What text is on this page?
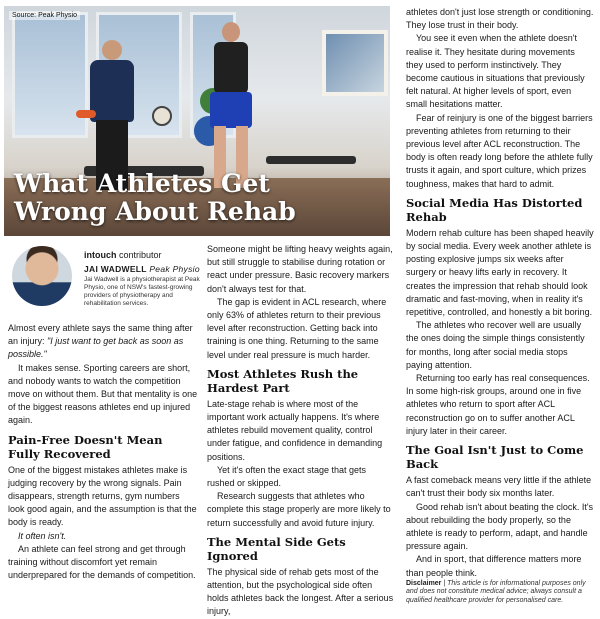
Source: Peak Physio
What Athletes Get
Wrong About Rehab
intouch contributor
JAI WADWELL Peak Physio
Jai Wadwell is a physiotherapist at Peak Physio, one of NSW's fastest-growing providers of physiotherapy and rehabilitation services.

Almost every athlete says the same thing after an injury: "I just want to get back as soon as possible."

It makes sense. Sporting careers are short, and nobody wants to watch the competition move on without them. But that mentality is one of the biggest reasons athletes end up injured again.

Pain-Free Doesn't Mean Fully Recovered

One of the biggest mistakes athletes make is judging recovery by the wrong signals. Pain disappears, strength returns, gym numbers look good again, and the assumption is that the body is ready.

It often isn't.

An athlete can feel strong and get through training without discomfort yet remain underprepared for the demands of competition.

Someone might be lifting heavy weights again, but still struggle to stabilise during rotation or react under pressure. Basic recovery markers don't always test for that.

The gap is evident in ACL research, where only 63% of athletes return to their previous level after reconstruction. Getting back into training is one thing. Returning to the same level under real pressure is much harder.

Most Athletes Rush the Hardest Part

Late-stage rehab is where most of the important work actually happens. It's where athletes rebuild movement quality, control under fatigue, and confidence in demanding positions.

Yet it's often the exact stage that gets rushed or skipped.

Research suggests that athletes who complete this stage properly are more likely to return successfully and avoid future injury.

The Mental Side Gets Ignored

The physical side of rehab gets most of the attention, but the psychological side often holds athletes back the longest. After a serious injury,

athletes don't just lose strength or conditioning. They lose trust in their body.

You see it even when the athlete doesn't realise it. They hesitate during movements they used to perform instinctively. They become cautious in situations that previously felt natural. At higher levels of sport, even small hesitations matter.

Fear of reinjury is one of the biggest barriers preventing athletes from returning to their previous level after ACL reconstruction. The body is often ready long before the athlete fully trusts it again, and sport culture, which prizes toughness, makes that hard to admit.

Social Media Has Distorted Rehab

Modern rehab culture has been shaped heavily by social media. Every week another athlete is posting explosive jumps six weeks after surgery or heavy lifts early in recovery. It creates the impression that rehab should look dramatic and fast-moving, when in reality it's repetitive, controlled, and honestly a bit boring.

The athletes who recover well are usually the ones doing the simple things consistently for months, long after social media stops paying attention.

Returning too early has real consequences. In some high-risk groups, around one in five athletes who return to sport after ACL reconstruction go on to suffer another ACL injury later in their career.

The Goal Isn't Just to Come Back

A fast comeback means very little if the athlete can't trust their body six months later.

Good rehab isn't about beating the clock. It's about rebuilding the body properly, so the athlete is ready to perform, adapt, and handle pressure again.

And in sport, that difference matters more than people think.

Disclaimer | This article is for informational purposes only and does not constitute medical advice; always consult a qualified healthcare provider for personalised care.
